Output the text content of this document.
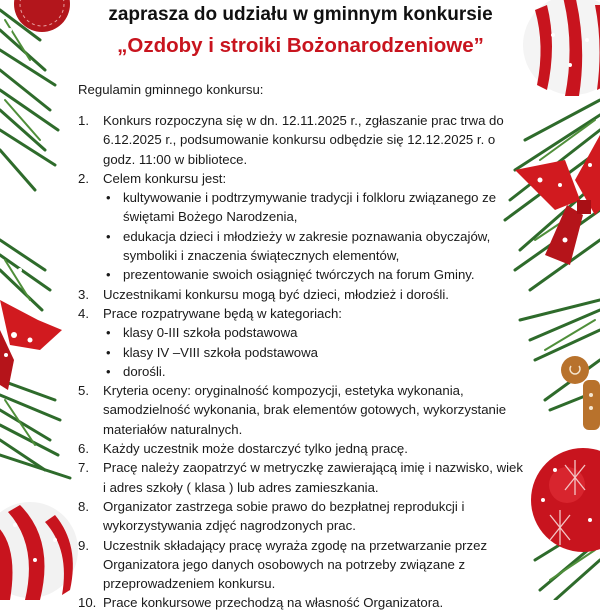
zaprasza do udziału w gminnym konkursie
„Ozdoby i stroiki Bożonarodzeniowe”
Regulamin gminnego konkursu:
1. Konkurs rozpoczyna się w dn. 12.11.2025 r., zgłaszanie prac trwa do 6.12.2025 r., podsumowanie konkursu odbędzie się 12.12.2025 r. o godz. 11:00 w bibliotece.
2. Celem konkursu jest:
• kultywowanie i podtrzymywanie tradycji i folkloru związanego ze świętami Bożego Narodzenia,
• edukacja dzieci i młodzieży w zakresie poznawania obyczajów, symboliki i znaczenia świątecznych elementów,
• prezentowanie swoich osiągnięć twórczych na forum Gminy.
3. Uczestnikami konkursu mogą być dzieci, młodzież i dorośli.
4. Prace rozpatrywane będą w kategoriach:
• klasy 0-III szkoła podstawowa
• klasy IV –VIII szkoła podstawowa
• dorośli.
5. Kryteria oceny: oryginalność kompozycji, estetyka wykonania, samodzielność wykonania, brak elementów gotowych, wykorzystanie materiałów naturalnych.
6. Każdy uczestnik może dostarczyć tylko jedną pracę.
7. Pracę należy zaopatrzyć w metryczkę zawierającą imię i nazwisko, wiek i adres szkoły ( klasa ) lub adres zamieszkania.
8. Organizator zastrzega sobie prawo do bezpłatnej reprodukcji i wykorzystywania zdjęć nagrodzonych prac.
9. Uczestnik składający pracę wyraża zgodę na przetwarzanie przez Organizatora jego danych osobowych na potrzeby związane z przeprowadzeniem konkursu.
10. Prace konkursowe przechodzą na własność Organizatora.
